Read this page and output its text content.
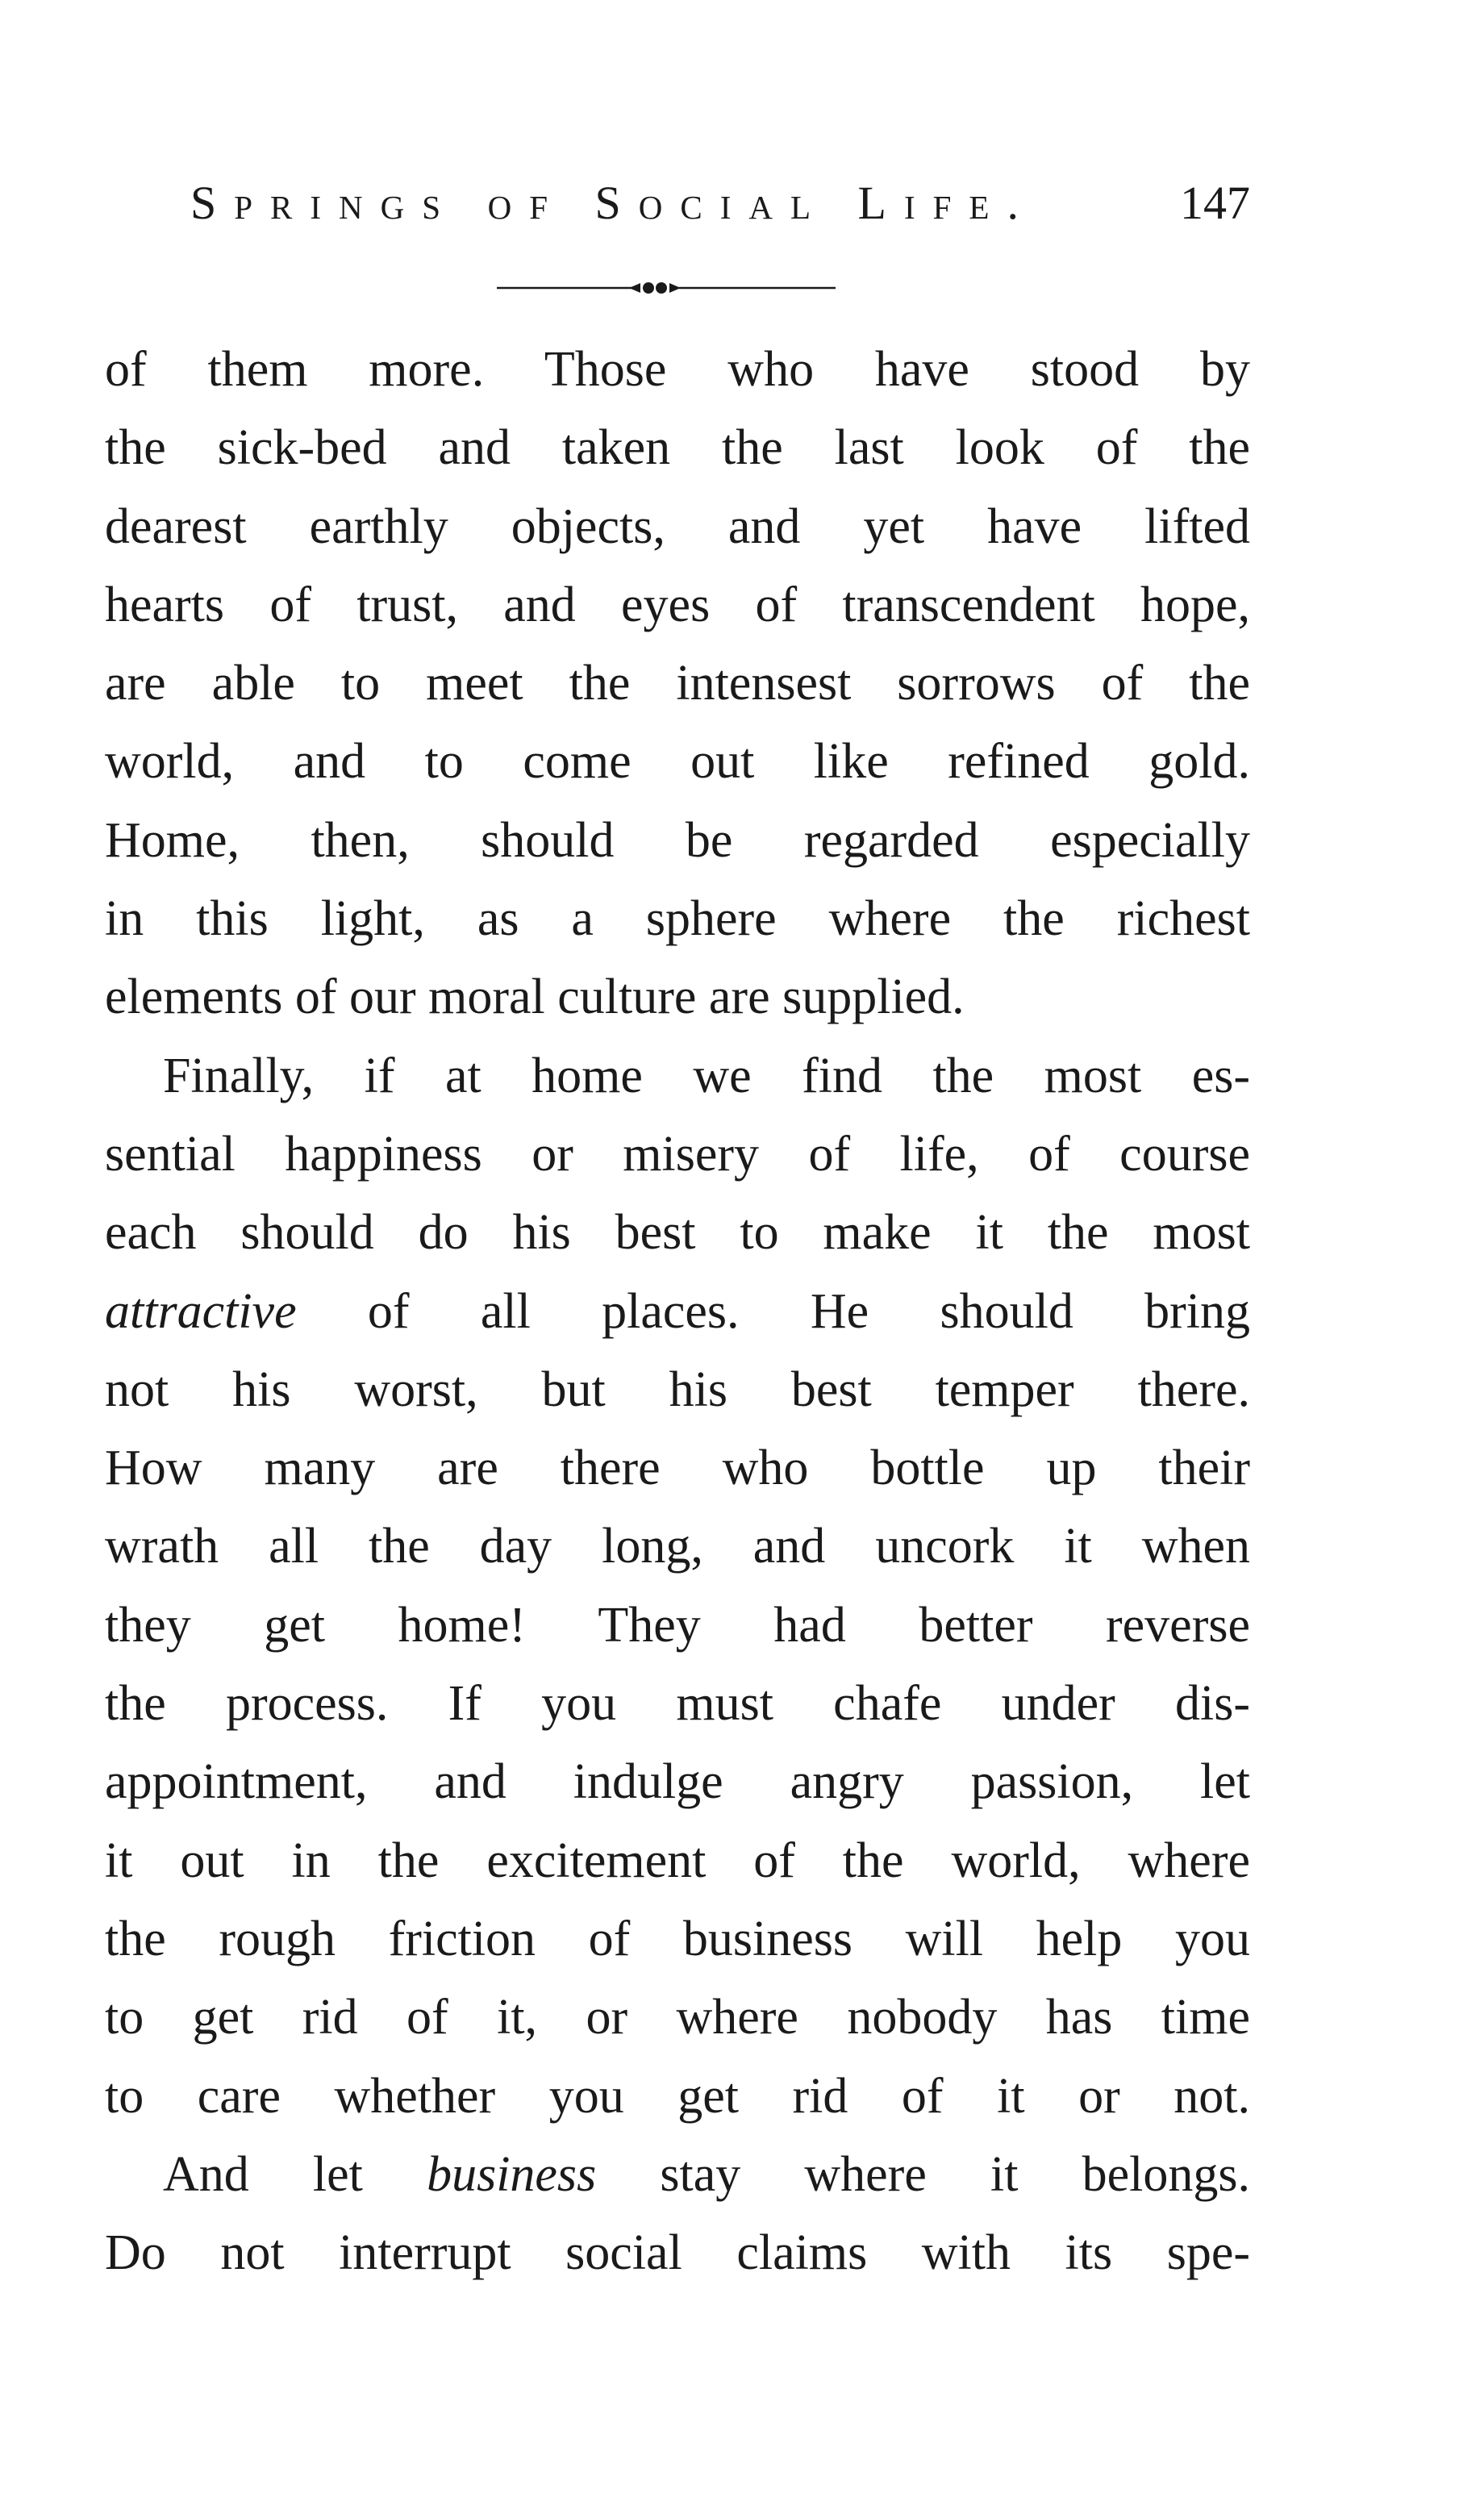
Springs of Social Life.	147
of them more. Those who have stood by
the sick-bed and taken the last look of the
dearest earthly objects, and yet have lifted
hearts of trust, and eyes of transcendent hope,
are able to meet the intensest sorrows of the
world, and to come out like refined gold.
Home, then, should be regarded especially
in this light, as a sphere where the richest
elements of our moral culture are supplied.
Finally, if at home we find the most es-
sential happiness or misery of life, of course
each should do his best to make it the most
attractive of all places. He should bring
not his worst, but his best temper there.
How many are there who bottle up their
wrath all the day long, and uncork it when
they get home! They had better reverse
the process. If you must chafe under dis-
appointment, and indulge angry passion, let
it out in the excitement of the world, where
the rough friction of business will help you
to get rid of it, or where nobody has time
to care whether you get rid of it or not.
And let business stay where it belongs.
Do not interrupt social claims with its spe-
